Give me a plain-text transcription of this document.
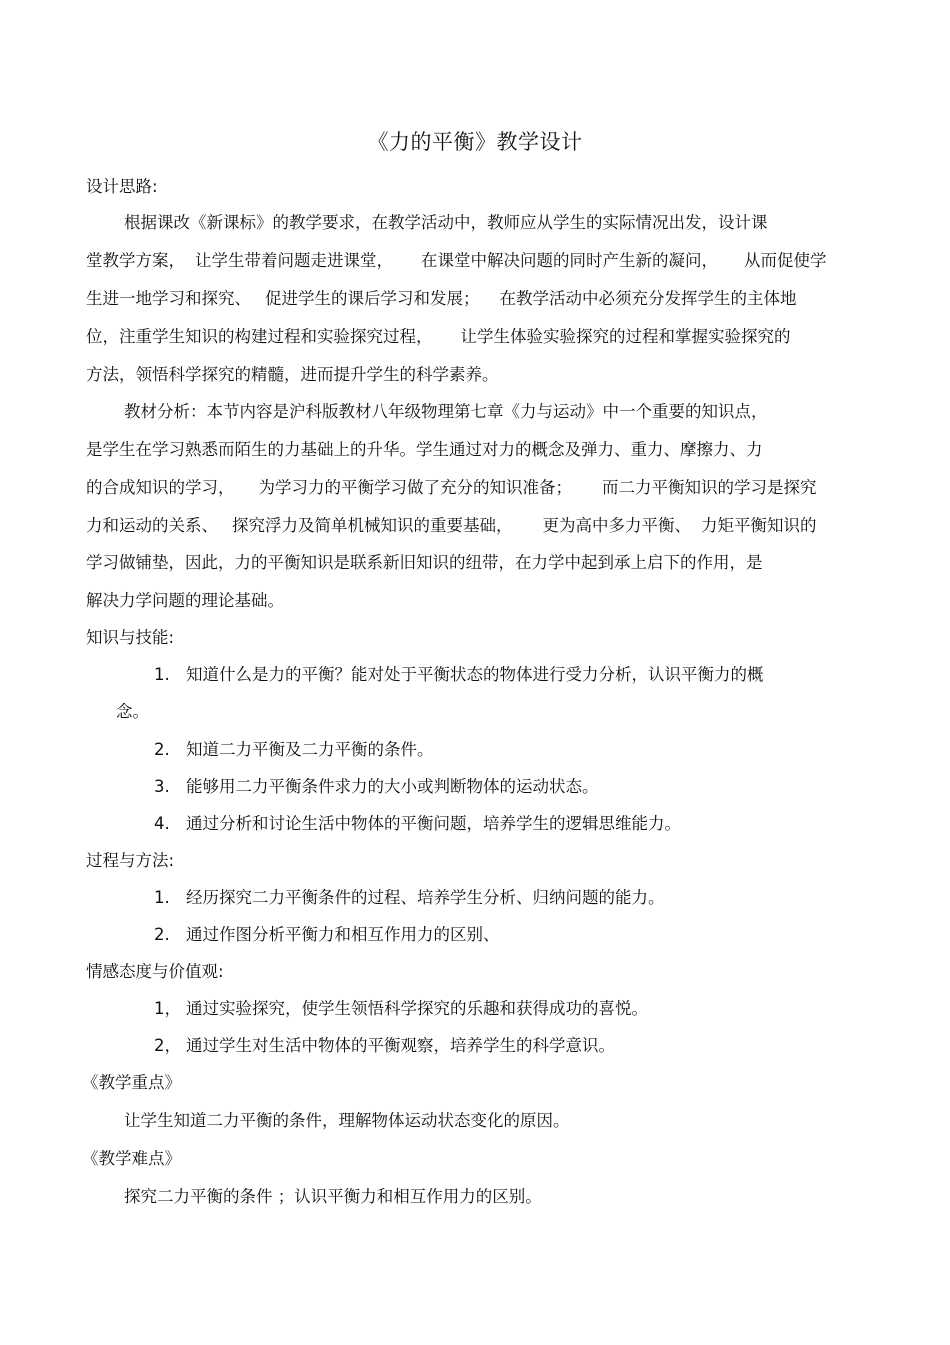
《力的平衡》教学设计
设计思路:
根据课改《新课标》的教学要求，在教学活动中，教师应从学生的实际情况出发，设计课
堂教学方案， 让学生带着问题走进课堂， 在课堂中解决问题的同时产生新的凝问， 从而促使学
生进一地学习和探究、 促进学生的课后学习和发展； 在教学活动中必须充分发挥学生的主体地
位，注重学生知识的构建过程和实验探究过程， 让学生体验实验探究的过程和掌握实验探究的
方法，领悟科学探究的精髓，进而提升学生的科学素养。
教材分析：本节内容是沪科版教材八年级物理第七章《力与运动》中一个重要的知识点，
是学生在学习熟悉而陌生的力基础上的升华。学生通过对力的概念及弹力、重力、摩擦力、力
的合成知识的学习， 为学习力的平衡学习做了充分的知识准备； 而二力平衡知识的学习是探究
力和运动的关系、 探究浮力及简单机械知识的重要基础， 更为高中多力平衡、 力矩平衡知识的
学习做铺垫，因此，力的平衡知识是联系新旧知识的纽带，在力学中起到承上启下的作用，是
解决力学问题的理论基础。
知识与技能:
1. 知道什么是力的平衡？能对处于平衡状态的物体进行受力分析，认识平衡力的概
念。
2. 知道二力平衡及二力平衡的条件。
3. 能够用二力平衡条件求力的大小或判断物体的运动状态。
4. 通过分析和讨论生活中物体的平衡问题，培养学生的逻辑思维能力。
过程与方法:
1. 经历探究二力平衡条件的过程、培养学生分析、归纳问题的能力。
2. 通过作图分析平衡力和相互作用力的区别、
情感态度与价值观:
1， 通过实验探究，使学生领悟科学探究的乐趣和获得成功的喜悦。
2， 通过学生对生活中物体的平衡观察，培养学生的科学意识。
《教学重点》
让学生知道二力平衡的条件，理解物体运动状态变化的原因。
《教学难点》
探究二力平衡的条件 ；认识平衡力和相互作用力的区别。
